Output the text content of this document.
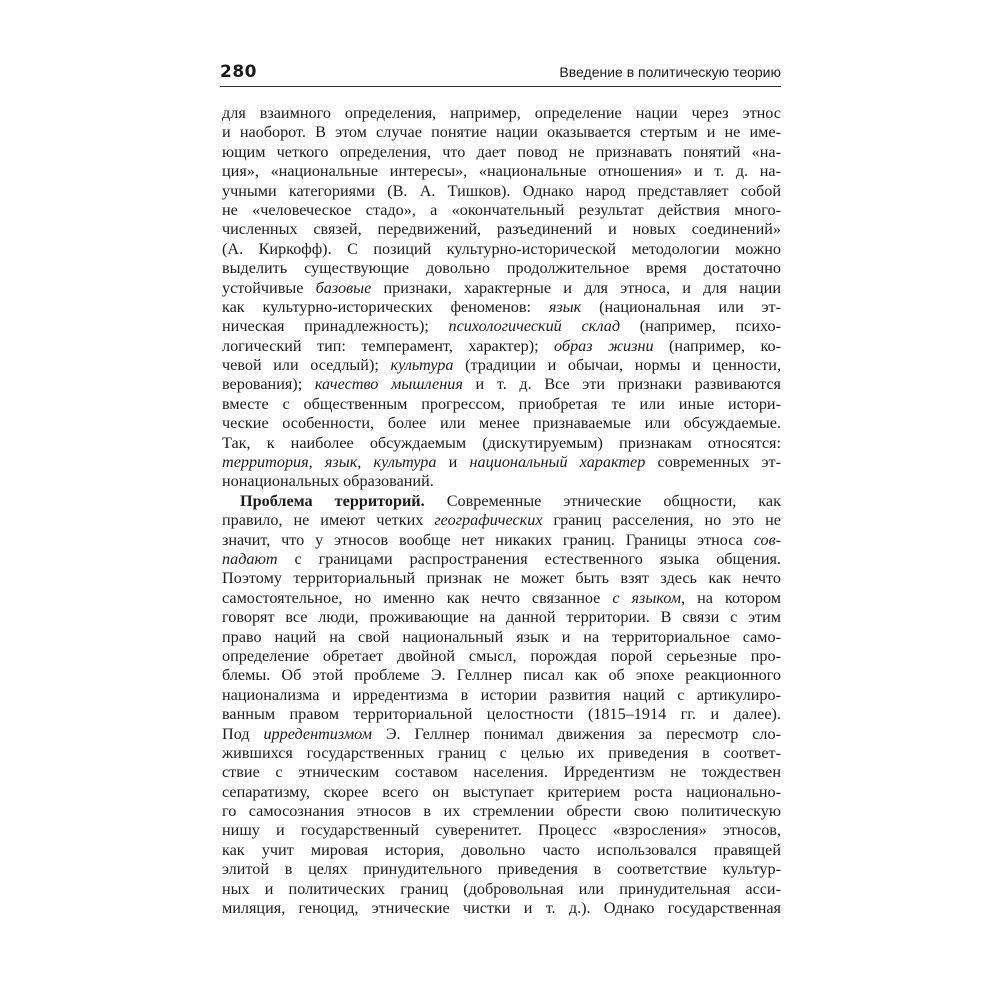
280	Введение в политическую теорию
для взаимного определения, например, определение нации через этнос
и наоборот. В этом случае понятие нации оказывается стертым и не име-
ющим четкого определения, что дает повод не признавать понятий «на-
ция», «национальные интересы», «национальные отношения» и т. д. на-
учными категориями (В. А. Тишков). Однако народ представляет собой
не «человеческое стадо», а «окончательный результат действия много-
численных связей, передвижений, разъединений и новых соединений»
(А. Киркофф). С позиций культурно-исторической методологии можно
выделить существующие довольно продолжительное время достаточно
устойчивые базовые признаки, характерные и для этноса, и для нации
как культурно-исторических феноменов: язык (национальная или эт-
ническая принадлежность); психологический склад (например, психо-
логический тип: темперамент, характер); образ жизни (например, ко-
чевой или оседлый); культура (традиции и обычаи, нормы и ценности,
верования); качество мышления и т. д. Все эти признаки развиваются
вместе с общественным прогрессом, приобретая те или иные истори-
ческие особенности, более или менее признаваемые или обсуждаемые.
Так, к наиболее обсуждаемым (дискутируемым) признакам относятся:
территория, язык, культура и национальный характер современных эт-
нонациональных образований.
Проблема территорий. Современные этнические общности, как
правило, не имеют четких географических границ расселения, но это не
значит, что у этносов вообще нет никаких границ. Границы этноса сов-
падают с границами распространения естественного языка общения.
Поэтому территориальный признак не может быть взят здесь как нечто
самостоятельное, но именно как нечто связанное с языком, на котором
говорят все люди, проживающие на данной территории. В связи с этим
право наций на свой национальный язык и на территориальное само-
определение обретает двойной смысл, порождая порой серьезные про-
блемы. Об этой проблеме Э. Геллнер писал как об эпохе реакционного
национализма и ирредентизма в истории развития наций с артикулиро-
ванным правом территориальной целостности (1815–1914 гг. и далее).
Под ирредентизмом Э. Геллнер понимал движения за пересмотр сло-
жившихся государственных границ с целью их приведения в соответ-
ствие с этническим составом населения. Ирредентизм не тождествен
сепаратизму, скорее всего он выступает критерием роста национально-
го самосознания этносов в их стремлении обрести свою политическую
нишу и государственный суверенитет. Процесс «взросления» этносов,
как учит мировая история, довольно часто использовался правящей
элитой в целях принудительного приведения в соответствие культур-
ных и политических границ (добровольная или принудительная асси-
миляция, геноцид, этнические чистки и т. д.). Однако государственная
